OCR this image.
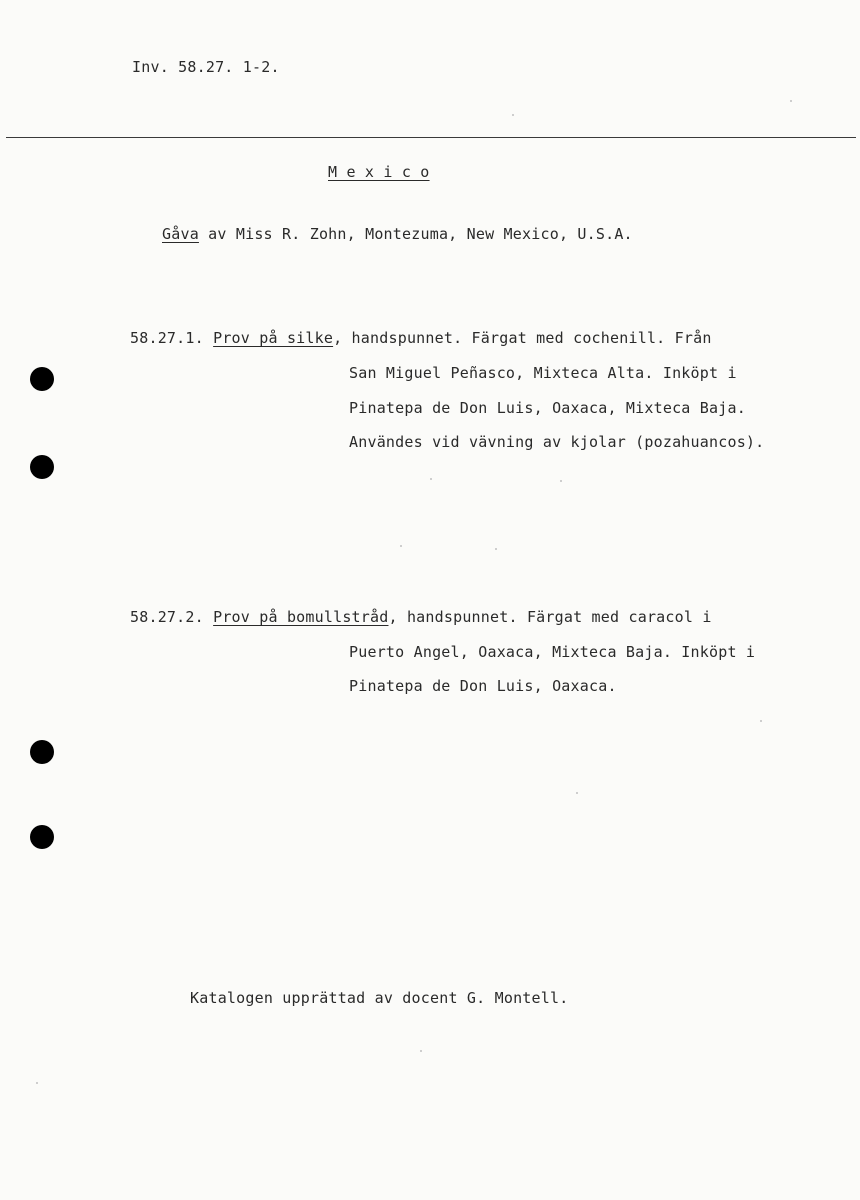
Inv. 58.27. 1-2.
M e x i c o
Gåva av Miss R. Zohn, Montezuma, New Mexico, U.S.A.
58.27.1. Prov på silke, handspunnet. Färgat med cochenill. Från
San Miguel Peñasco, Mixteca Alta. Inköpt i
Pinatepa de Don Luis, Oaxaca, Mixteca Baja.
Användes vid vävning av kjolar (pozahuancos).
58.27.2. Prov på bomullstråd, handspunnet. Färgat med caracol i
Puerto Angel, Oaxaca, Mixteca Baja. Inköpt i
Pinatepa de Don Luis, Oaxaca.
Katalogen upprättad av docent G. Montell.
